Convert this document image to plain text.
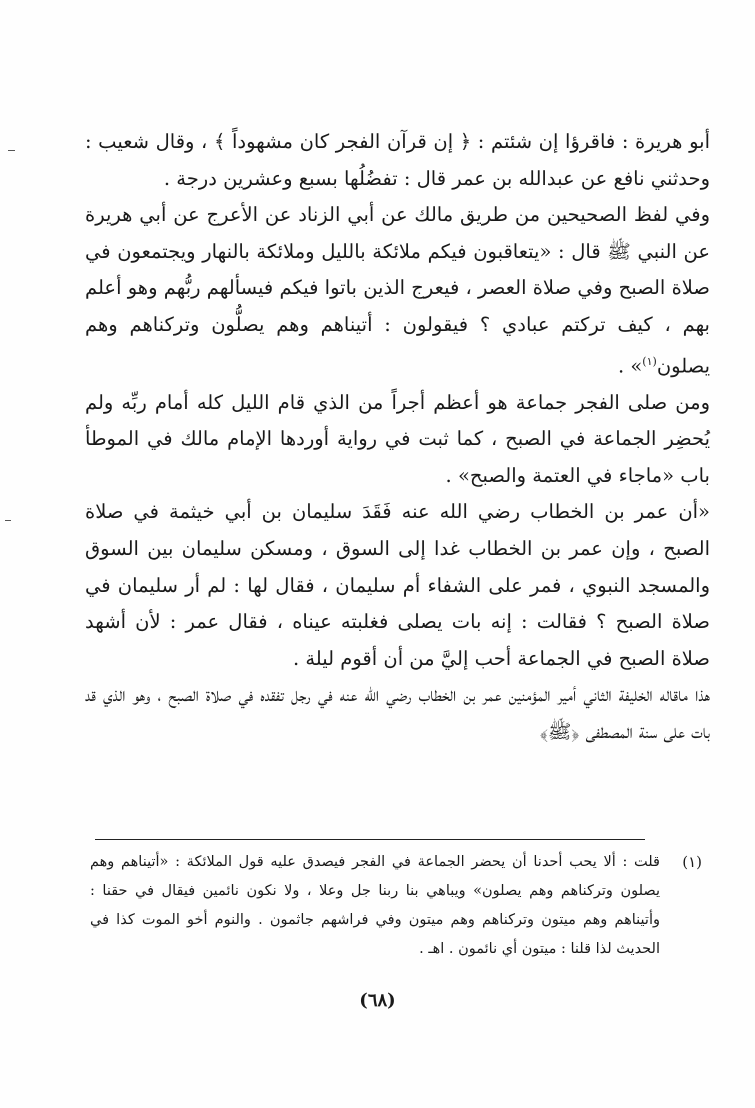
أبو هريرة : فاقرؤا إن شئتم : ﴿ إن قرآن الفجر كان مشهوداً ﴾ ، وقال شعيب : وحدثني نافع عن عبدالله بن عمر قال : تفضُلُها بسبع وعشرين درجة .

وفي لفظ الصحيحين من طريق مالك عن أبي الزناد عن الأعرج عن أبي هريرة عن النبي ﷺ قال : «يتعاقبون فيكم ملائكة بالليل وملائكة بالنهار ويجتمعون في صلاة الصبح وفي صلاة العصر ، فيعرج الذين باتوا فيكم فيسألهم ربُّهم وهو أعلم بهم ، كيف تركتم عبادي ؟ فيقولون : أتيناهم وهم يصلُّون وتركناهم وهم يصلون$^{(١)}$» .

ومن صلى الفجر جماعة هو أعظم أجراً من الذي قام الليل كله أمام ربِّه ولم يُحضِر الجماعة في الصبح ، كما ثبت في رواية أوردها الإمام مالك في الموطأ باب «ماجاء في العتمة والصبح» .

«أن عمر بن الخطاب رضي الله عنه فَقَدَ سليمان بن أبي خيثمة في صلاة الصبح ، وإن عمر بن الخطاب غدا إلى السوق ، ومسكن سليمان بين السوق والمسجد النبوي ، فمر على الشفاء أم سليمان ، فقال لها : لم أر سليمان في صلاة الصبح ؟ فقالت : إنه بات يصلى فغلبته عيناه ، فقال عمر : لأن أشهد صلاة الصبح في الجماعة أحب إليَّ من أن أقوم ليلة .

هذا ماقاله الخليفة الثاني أمير المؤمنين عمر بن الخطاب رضي الله عنه في رجل تفقده في صلاة الصبح ، وهو الذي قد بات على سنة المصطفى ﴿ﷺ﴾

(١)
قلت : ألا يحب أحدنا أن يحضر الجماعة في الفجر فيصدق عليه قول الملائكة : «أتيناهم وهم يصلون وتركناهم وهم يصلون» ويباهي بنا ربنا جل وعلا ، ولا نكون نائمين فيقال في حقنا : وأتيناهم وهم ميتون وتركناهم وهم ميتون وفي فراشهم جاثمون . والنوم أخو الموت كذا في الحديث لذا قلنا : ميتون أي نائمون . اهـ .
(٦٨)
